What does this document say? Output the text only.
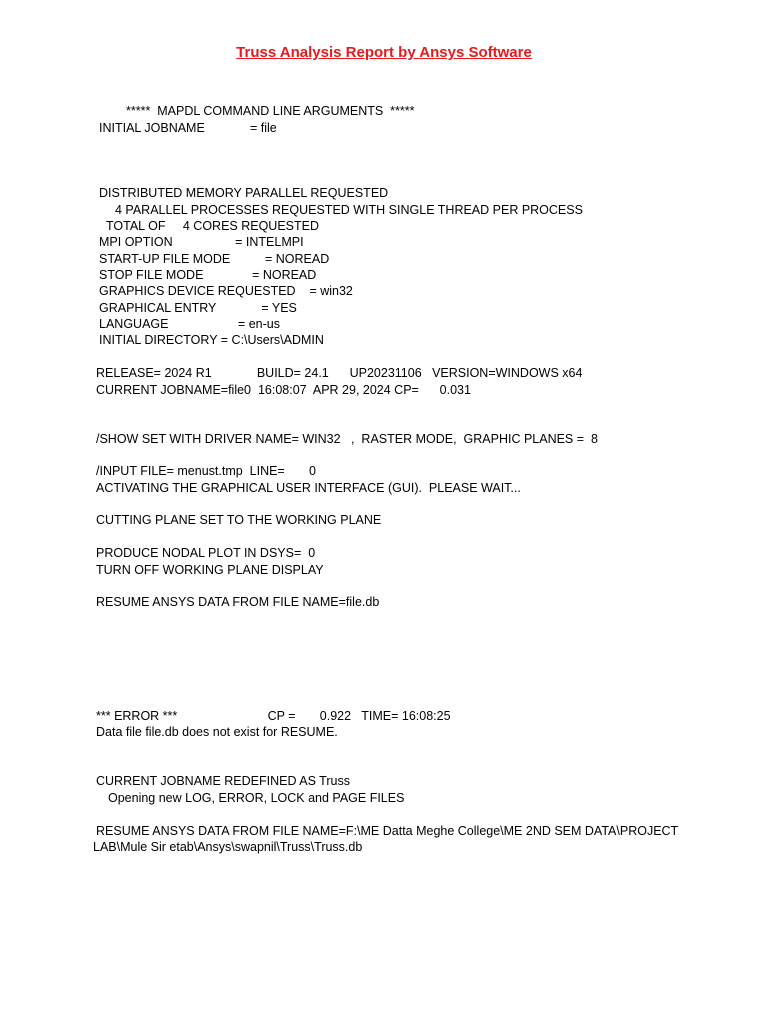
Truss Analysis Report by Ansys Software
*****  MAPDL COMMAND LINE ARGUMENTS  *****
INITIAL JOBNAME             = file
DISTRIBUTED MEMORY PARALLEL REQUESTED
4 PARALLEL PROCESSES REQUESTED WITH SINGLE THREAD PER PROCESS
TOTAL OF     4 CORES REQUESTED
MPI OPTION                  = INTELMPI
START-UP FILE MODE          = NOREAD
STOP FILE MODE              = NOREAD
GRAPHICS DEVICE REQUESTED    = win32
GRAPHICAL ENTRY             = YES
LANGUAGE                    = en-us
INITIAL DIRECTORY = C:\Users\ADMIN
RELEASE= 2024 R1             BUILD= 24.1      UP20231106   VERSION=WINDOWS x64
CURRENT JOBNAME=file0  16:08:07  APR 29, 2024 CP=      0.031
/SHOW SET WITH DRIVER NAME= WIN32   ,  RASTER MODE,  GRAPHIC PLANES =  8
/INPUT FILE= menust.tmp  LINE=       0
ACTIVATING THE GRAPHICAL USER INTERFACE (GUI).  PLEASE WAIT...
CUTTING PLANE SET TO THE WORKING PLANE
PRODUCE NODAL PLOT IN DSYS=  0
TURN OFF WORKING PLANE DISPLAY
RESUME ANSYS DATA FROM FILE NAME=file.db
*** ERROR ***                          CP =       0.922   TIME= 16:08:25
Data file file.db does not exist for RESUME.
CURRENT JOBNAME REDEFINED AS Truss
Opening new LOG, ERROR, LOCK and PAGE FILES
RESUME ANSYS DATA FROM FILE NAME=F:\ME Datta Meghe College\ME 2ND SEM DATA\PROJECT
LAB\Mule Sir etab\Ansys\swapnil\Truss\Truss.db
